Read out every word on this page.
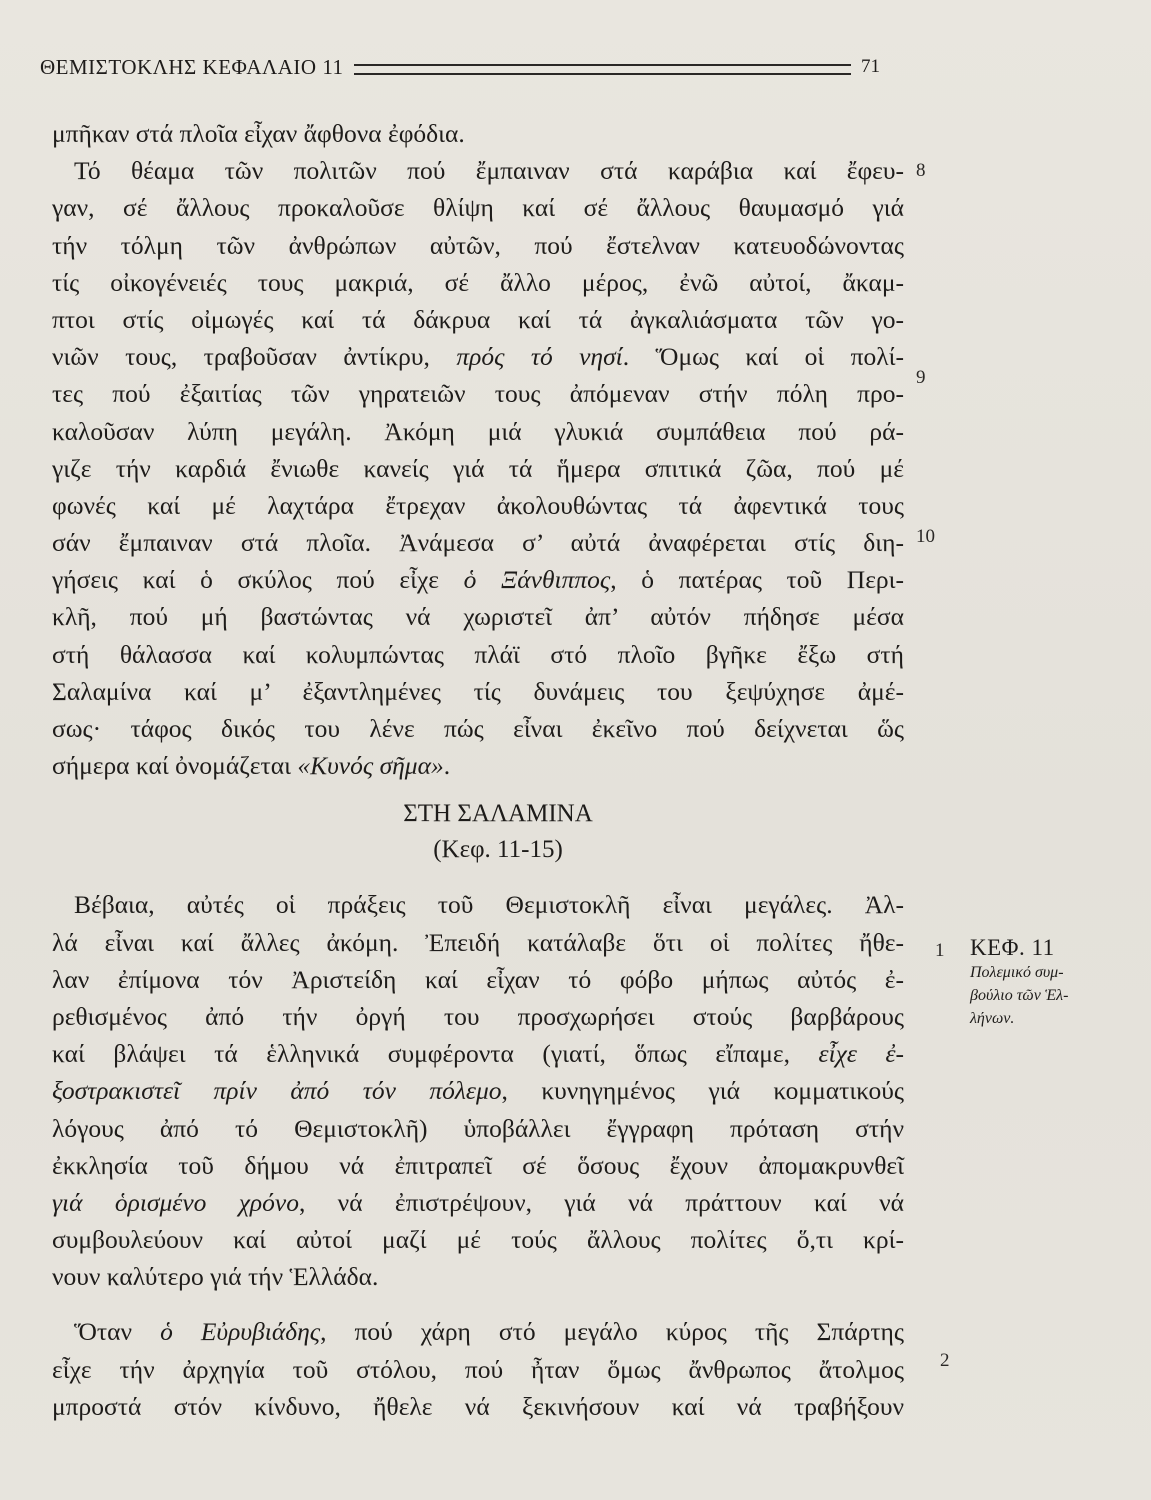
ΘΕΜΙΣΤΟΚΛΗΣ ΚΕΦΑΛΑΙΟ 11	71
μπῆκαν στά πλοῖα εἶχαν ἄφθονα ἐφόδια.
Τό θέαμα τῶν πολιτῶν πού ἔμπαιναν στά καράβια καί ἔφευ-
γαν, σέ ἄλλους προκαλοῦσε θλίψη καί σέ ἄλλους θαυμασμό γιά
τήν τόλμη τῶν ἀνθρώπων αὐτῶν, πού ἔστελναν κατευοδώνοντας
τίς οἰκογένειές τους μακριά, σέ ἄλλο μέρος, ἐνῶ αὐτοί, ἄκαμ-
πτοι στίς οἰμωγές καί τά δάκρυα καί τά ἀγκαλιάσματα τῶν γο-
νιῶν τους, τραβοῦσαν ἀντίκρυ, πρός τό νησί. Ὅμως καί οἱ πολί-
τες πού ἐξαιτίας τῶν γηρατειῶν τους ἀπόμεναν στήν πόλη προ-
καλοῦσαν λύπη μεγάλη. Ἀκόμη μιά γλυκιά συμπάθεια πού ρά-
γιζε τήν καρδιά ἔνιωθε κανείς γιά τά ἥμερα σπιτικά ζῶα, πού μέ
φωνές καί μέ λαχτάρα ἔτρεχαν ἀκολουθώντας τά ἀφεντικά τους
σάν ἔμπαιναν στά πλοῖα. Ἀνάμεσα σ’ αὐτά ἀναφέρεται στίς διη-
γήσεις καί ὁ σκύλος πού εἶχε ὁ Ξάνθιππος, ὁ πατέρας τοῦ Περι-
κλῆ, πού μή βαστώντας νά χωριστεῖ ἀπ’ αὐτόν πήδησε μέσα
στή θάλασσα καί κολυμπώντας πλάϊ στό πλοῖο βγῆκε ἔξω στή
Σαλαμίνα καί μ’ ἐξαντλημένες τίς δυνάμεις του ξεψύχησε ἀμέ-
σως· τάφος δικός του λένε πώς εἶναι ἐκεῖνο πού δείχνεται ὥς
σήμερα καί ὀνομάζεται «Κυνός σῆμα».
ΣΤΗ ΣΑΛΑΜΙΝΑ
(Κεφ. 11-15)
Βέβαια, αὐτές οἱ πράξεις τοῦ Θεμιστοκλῆ εἶναι μεγάλες. Ἀλ-
λά εἶναι καί ἄλλες ἀκόμη. Ἐπειδή κατάλαβε ὅτι οἱ πολίτες ἤθε-
λαν ἐπίμονα τόν Ἀριστείδη καί εἶχαν τό φόβο μήπως αὐτός ἐ-
ρεθισμένος ἀπό τήν ὀργή του προσχωρήσει στούς βαρβάρους
καί βλάψει τά ἑλληνικά συμφέροντα (γιατί, ὅπως εἴπαμε, εἶχε ἐ-
ξοστρακιστεῖ πρίν ἀπό τόν πόλεμο, κυνηγημένος γιά κομματικούς
λόγους ἀπό τό Θεμιστοκλῆ) ὑποβάλλει ἔγγραφη πρόταση στήν
ἐκκλησία τοῦ δήμου νά ἐπιτραπεῖ σέ ὅσους ἔχουν ἀπομακρυνθεῖ
γιά ὁρισμένο χρόνο, νά ἐπιστρέψουν, γιά νά πράττουν καί νά
συμβουλεύουν καί αὐτοί μαζί μέ τούς ἄλλους πολίτες ὅ,τι κρί-
νουν καλύτερο γιά τήν Ἑλλάδα.
Ὅταν ὁ Εὐρυβιάδης, πού χάρη στό μεγάλο κύρος τῆς Σπάρτης
εἶχε τήν ἀρχηγία τοῦ στόλου, πού ἦταν ὅμως ἄνθρωπος ἄτολμος
μπροστά στόν κίνδυνο, ἤθελε νά ξεκινήσουν καί νά τραβήξουν
8
9
10
1
2
ΚΕΦ. 11
Πολεμικό συμ-
βούλιο τῶν Ἑλ-
λήνων.
